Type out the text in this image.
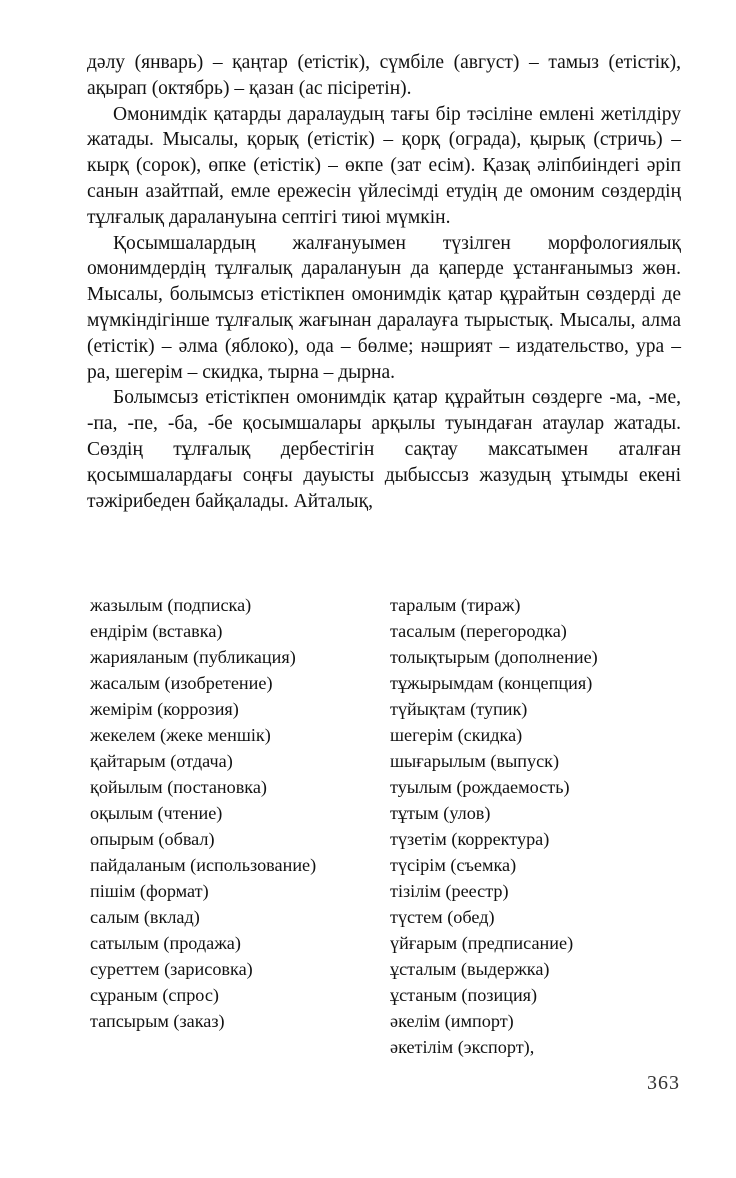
дəлу (январь) – қаңтар (етістік), сүмбіле (август) – тамыз (етістік), ақырап (октябрь) – қазан (ас пісіретін).

Омонимдік қатарды даралаудың тағы бір тəсіліне емлені жетілдіру жатады. Мысалы, қорық (етістік) – қорқ (ограда), қырық (стричь) – кырқ (сорок), өпке (етістік) – өкпе (зат есім). Қазақ əліпбиіндегі əріп санын азайтпай, емле ережесін үйлесімді етудің де омоним сөздердің тұлғалық даралануына септігі тиюі мүмкін.

Қосымшалардың жалғануымен түзілген морфологиялық омонимдердің тұлғалық даралануын да қаперде ұстанғанымыз жөн. Мысалы, болымсыз етістікпен омонимдік қатар құрайтын сөздерді де мүмкіндігінше тұлғалық жағынан даралауға тырыстық. Мысалы, алма (етістік) – əлма (яблоко), ода – бөлме; нəшрият – издательство, ура – ра, шегерім – скидка, тырна – дырна.

Болымсыз етістікпен омонимдік қатар құрайтын сөздерге -ма, -ме, -па, -пе, -ба, -бе қосымшалары арқылы туындаған атаулар жатады. Сөздің тұлғалық дербестігін сақтау максатымен аталған қосымшалардағы соңғы дауысты дыбыссыз жазудың ұтымды екені тəжірибеден байқалады. Айталық,

жазылым (подписка)
ендірім (вставка)
жарияланым (публикация)
жасалым (изобретение)
жемірім (коррозия)
жекелем (жеке меншік)
қайтарым (отдача)
қойылым (постановка)
оқылым (чтение)
опырым (обвал)
пайдаланым (использование)
пішім (формат)
салым (вклад)
сатылым (продажа)
суреттем (зарисовка)
сұраным (спрос)
тапсырым (заказ)
таралым (тираж)
тасалым (перегородка)
толықтырым (дополнение)
тұжырымдам (концепция)
түйықтам (тупик)
шегерім (скидка)
шығарылым (выпуск)
туылым (рождаемость)
тұтым (улов)
түзетім (корректура)
түсірім (съемка)
тізілім (реестр)
түстем (обед)
үйғарым (предписание)
ұсталым (выдержка)
ұстаным (позиция)
əкелім (импорт)
əкетілім (экспорт),
363
